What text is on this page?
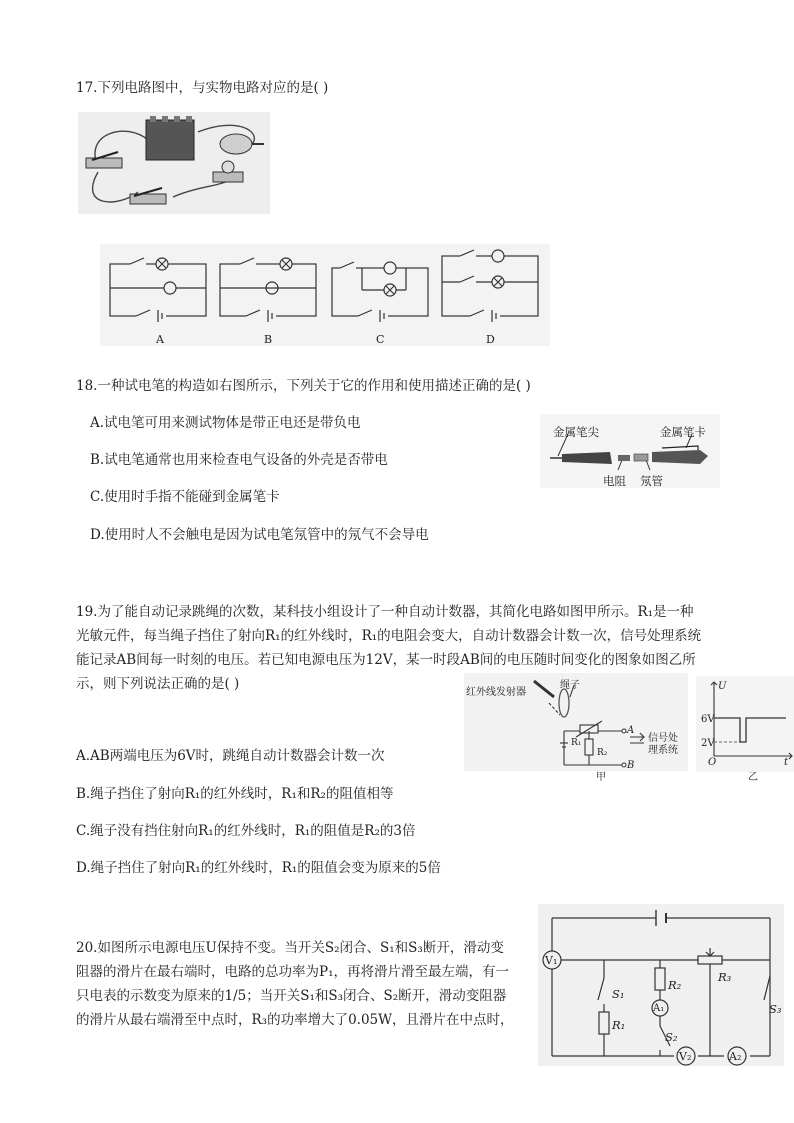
17.下列电路图中，与实物电路对应的是( )
A	B	C	D
18.一种试电笔的构造如右图所示，下列关于它的作用和使用描述正确的是( )
A.试电笔可用来测试物体是带正电还是带负电
B.试电笔通常也用来检查电气设备的外壳是否带电
C.使用时手指不能碰到金属笔卡
D.使用时人不会触电是因为试电笔氖管中的氖气不会导电
金属笔尖	金属笔卡
电阻 氖管
19.为了能自动记录跳绳的次数，某科技小组设计了一种自动计数器，其简化电路如图甲所示。R₁是一种
光敏元件，每当绳子挡住了射向R₁的红外线时，R₁的电阻会变大，自动计数器会计数一次，信号处理系统
能记录AB间每一时刻的电压。若已知电源电压为12V，某一时段AB间的电压随时间变化的图象如图乙所
示，则下列说法正确的是( )
A.AB两端电压为6V时，跳绳自动计数器会计数一次
B.绳子挡住了射向R₁的红外线时，R₁和R₂的阻值相等
C.绳子没有挡住射向R₁的红外线时，R₁的阻值是R₂的3倍
D.绳子挡住了射向R₁的红外线时，R₁的阻值会变为原来的5倍
红外线发射器
绳子
R₁
R₂
A
B
信号处
理系统
甲
U
6V
2V
O	t
乙
20.如图所示电源电压U保持不变。当开关S₂闭合、S₁和S₃断开，滑动变
阻器的滑片在最右端时，电路的总功率为P₁，再将滑片滑至最左端，有一
只电表的示数变为原来的1/5；当开关S₁和S₃闭合、S₂断开，滑动变阻器
的滑片从最右端滑至中点时，R₃的功率增大了0.05W，且滑片在中点时，
V₁
V₂
A₁
A₂
S₁
S₂
S₃
R₁
R₂
R₃
